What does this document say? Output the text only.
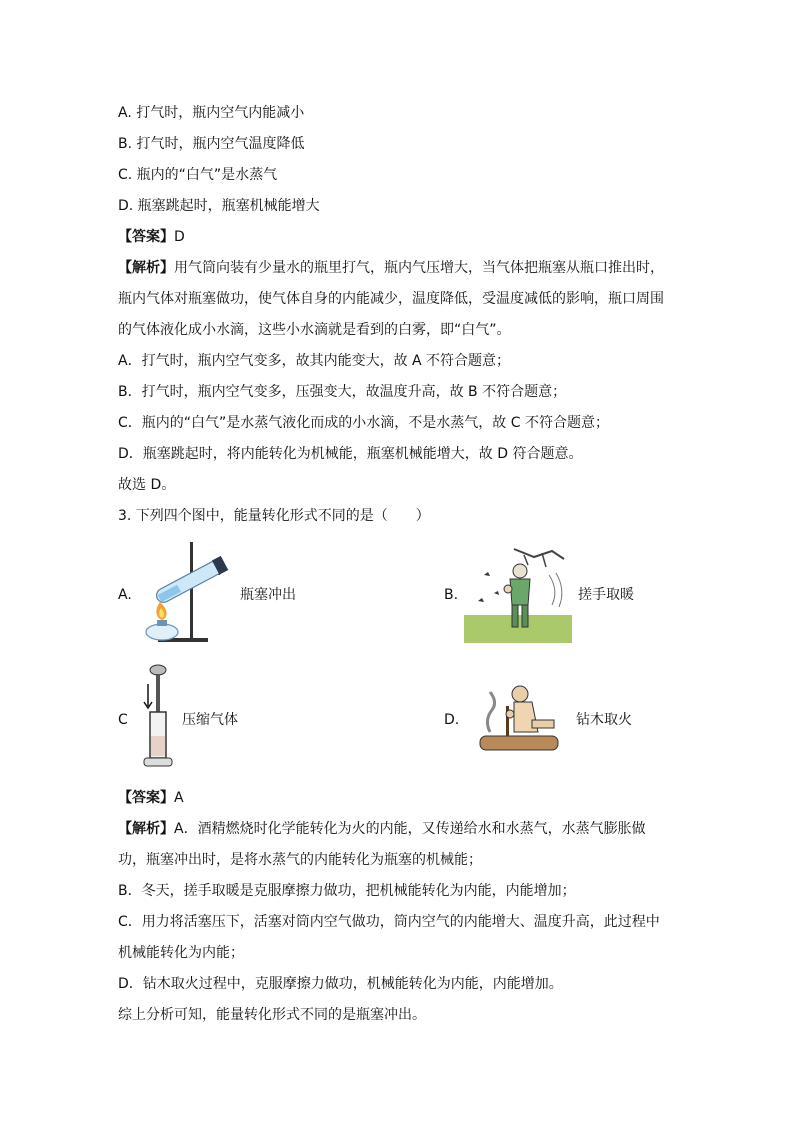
A. 打气时，瓶内空气内能减小
B. 打气时，瓶内空气温度降低
C. 瓶内的“白气”是水蒸气
D. 瓶塞跳起时，瓶塞机械能增大
【答案】D
【解析】用气筒向装有少量水的瓶里打气，瓶内气压增大，当气体把瓶塞从瓶口推出时，
瓶内气体对瓶塞做功，使气体自身的内能减少，温度降低，受温度减低的影响，瓶口周围
的气体液化成小水滴，这些小水滴就是看到的白雾，即“白气”。
A．打气时，瓶内空气变多，故其内能变大，故 A 不符合题意；
B．打气时，瓶内空气变多，压强变大，故温度升高，故 B 不符合题意；
C．瓶内的“白气”是水蒸气液化而成的小水滴，不是水蒸气，故 C 不符合题意；
D．瓶塞跳起时，将内能转化为机械能，瓶塞机械能增大，故 D 符合题意。
故选 D。
3. 下列四个图中，能量转化形式不同的是（　　）
A.	瓶塞冲出	B.	搓手取暖
C	压缩气体	D.	钻木取火
【答案】A
【解析】A．酒精燃烧时化学能转化为火的内能，又传递给水和水蒸气，水蒸气膨胀做
功，瓶塞冲出时，是将水蒸气的内能转化为瓶塞的机械能；
B．冬天，搓手取暖是克服摩擦力做功，把机械能转化为内能，内能增加；
C．用力将活塞压下，活塞对筒内空气做功，筒内空气的内能增大、温度升高，此过程中
机械能转化为内能；
D．钻木取火过程中，克服摩擦力做功，机械能转化为内能，内能增加。
综上分析可知，能量转化形式不同的是瓶塞冲出。
